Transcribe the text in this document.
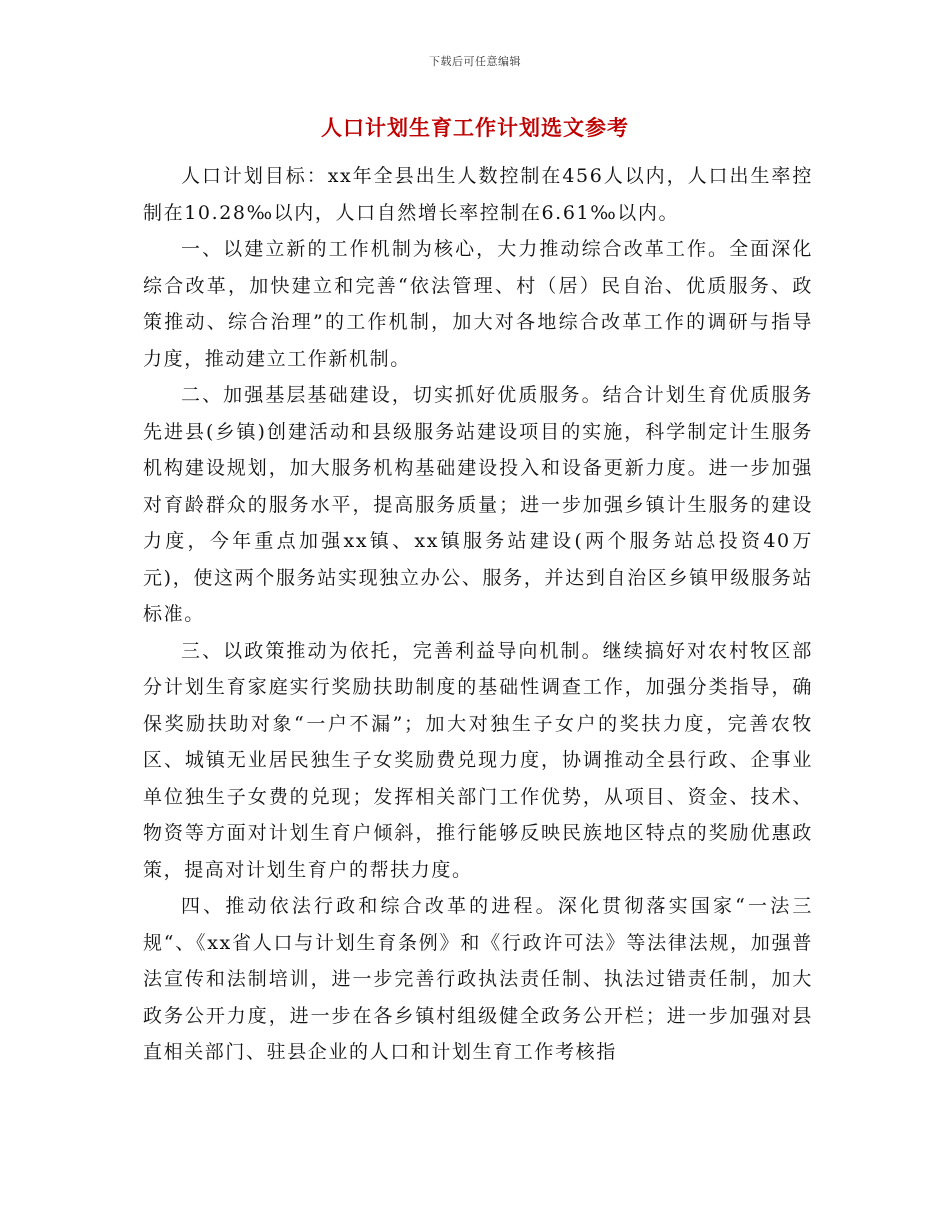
下载后可任意编辑
人口计划生育工作计划选文参考

人口计划目标：xx年全县出生人数控制在456人以内，人口出生率控制在10.28‰以内，人口自然增长率控制在6.61‰以内。

一、以建立新的工作机制为核心，大力推动综合改革工作。全面深化综合改革，加快建立和完善“依法管理、村（居）民自治、优质服务、政策推动、综合治理”的工作机制，加大对各地综合改革工作的调研与指导力度，推动建立工作新机制。

二、加强基层基础建设，切实抓好优质服务。结合计划生育优质服务先进县(乡镇)创建活动和县级服务站建设项目的实施，科学制定计生服务机构建设规划，加大服务机构基础建设投入和设备更新力度。进一步加强对育龄群众的服务水平，提高服务质量；进一步加强乡镇计生服务的建设力度，今年重点加强xx镇、xx镇服务站建设(两个服务站总投资40万元)，使这两个服务站实现独立办公、服务，并达到自治区乡镇甲级服务站标准。

三、以政策推动为依托，完善利益导向机制。继续搞好对农村牧区部分计划生育家庭实行奖励扶助制度的基础性调查工作，加强分类指导，确保奖励扶助对象“一户不漏”；加大对独生子女户的奖扶力度，完善农牧区、城镇无业居民独生子女奖励费兑现力度，协调推动全县行政、企事业单位独生子女费的兑现；发挥相关部门工作优势，从项目、资金、技术、物资等方面对计划生育户倾斜，推行能够反映民族地区特点的奖励优惠政策，提高对计划生育户的帮扶力度。

四、推动依法行政和综合改革的进程。深化贯彻落实国家“一法三规“、《xx省人口与计划生育条例》和《行政许可法》等法律法规，加强普法宣传和法制培训，进一步完善行政执法责任制、执法过错责任制，加大政务公开力度，进一步在各乡镇村组级健全政务公开栏；进一步加强对县直相关部门、驻县企业的人口和计划生育工作考核指
